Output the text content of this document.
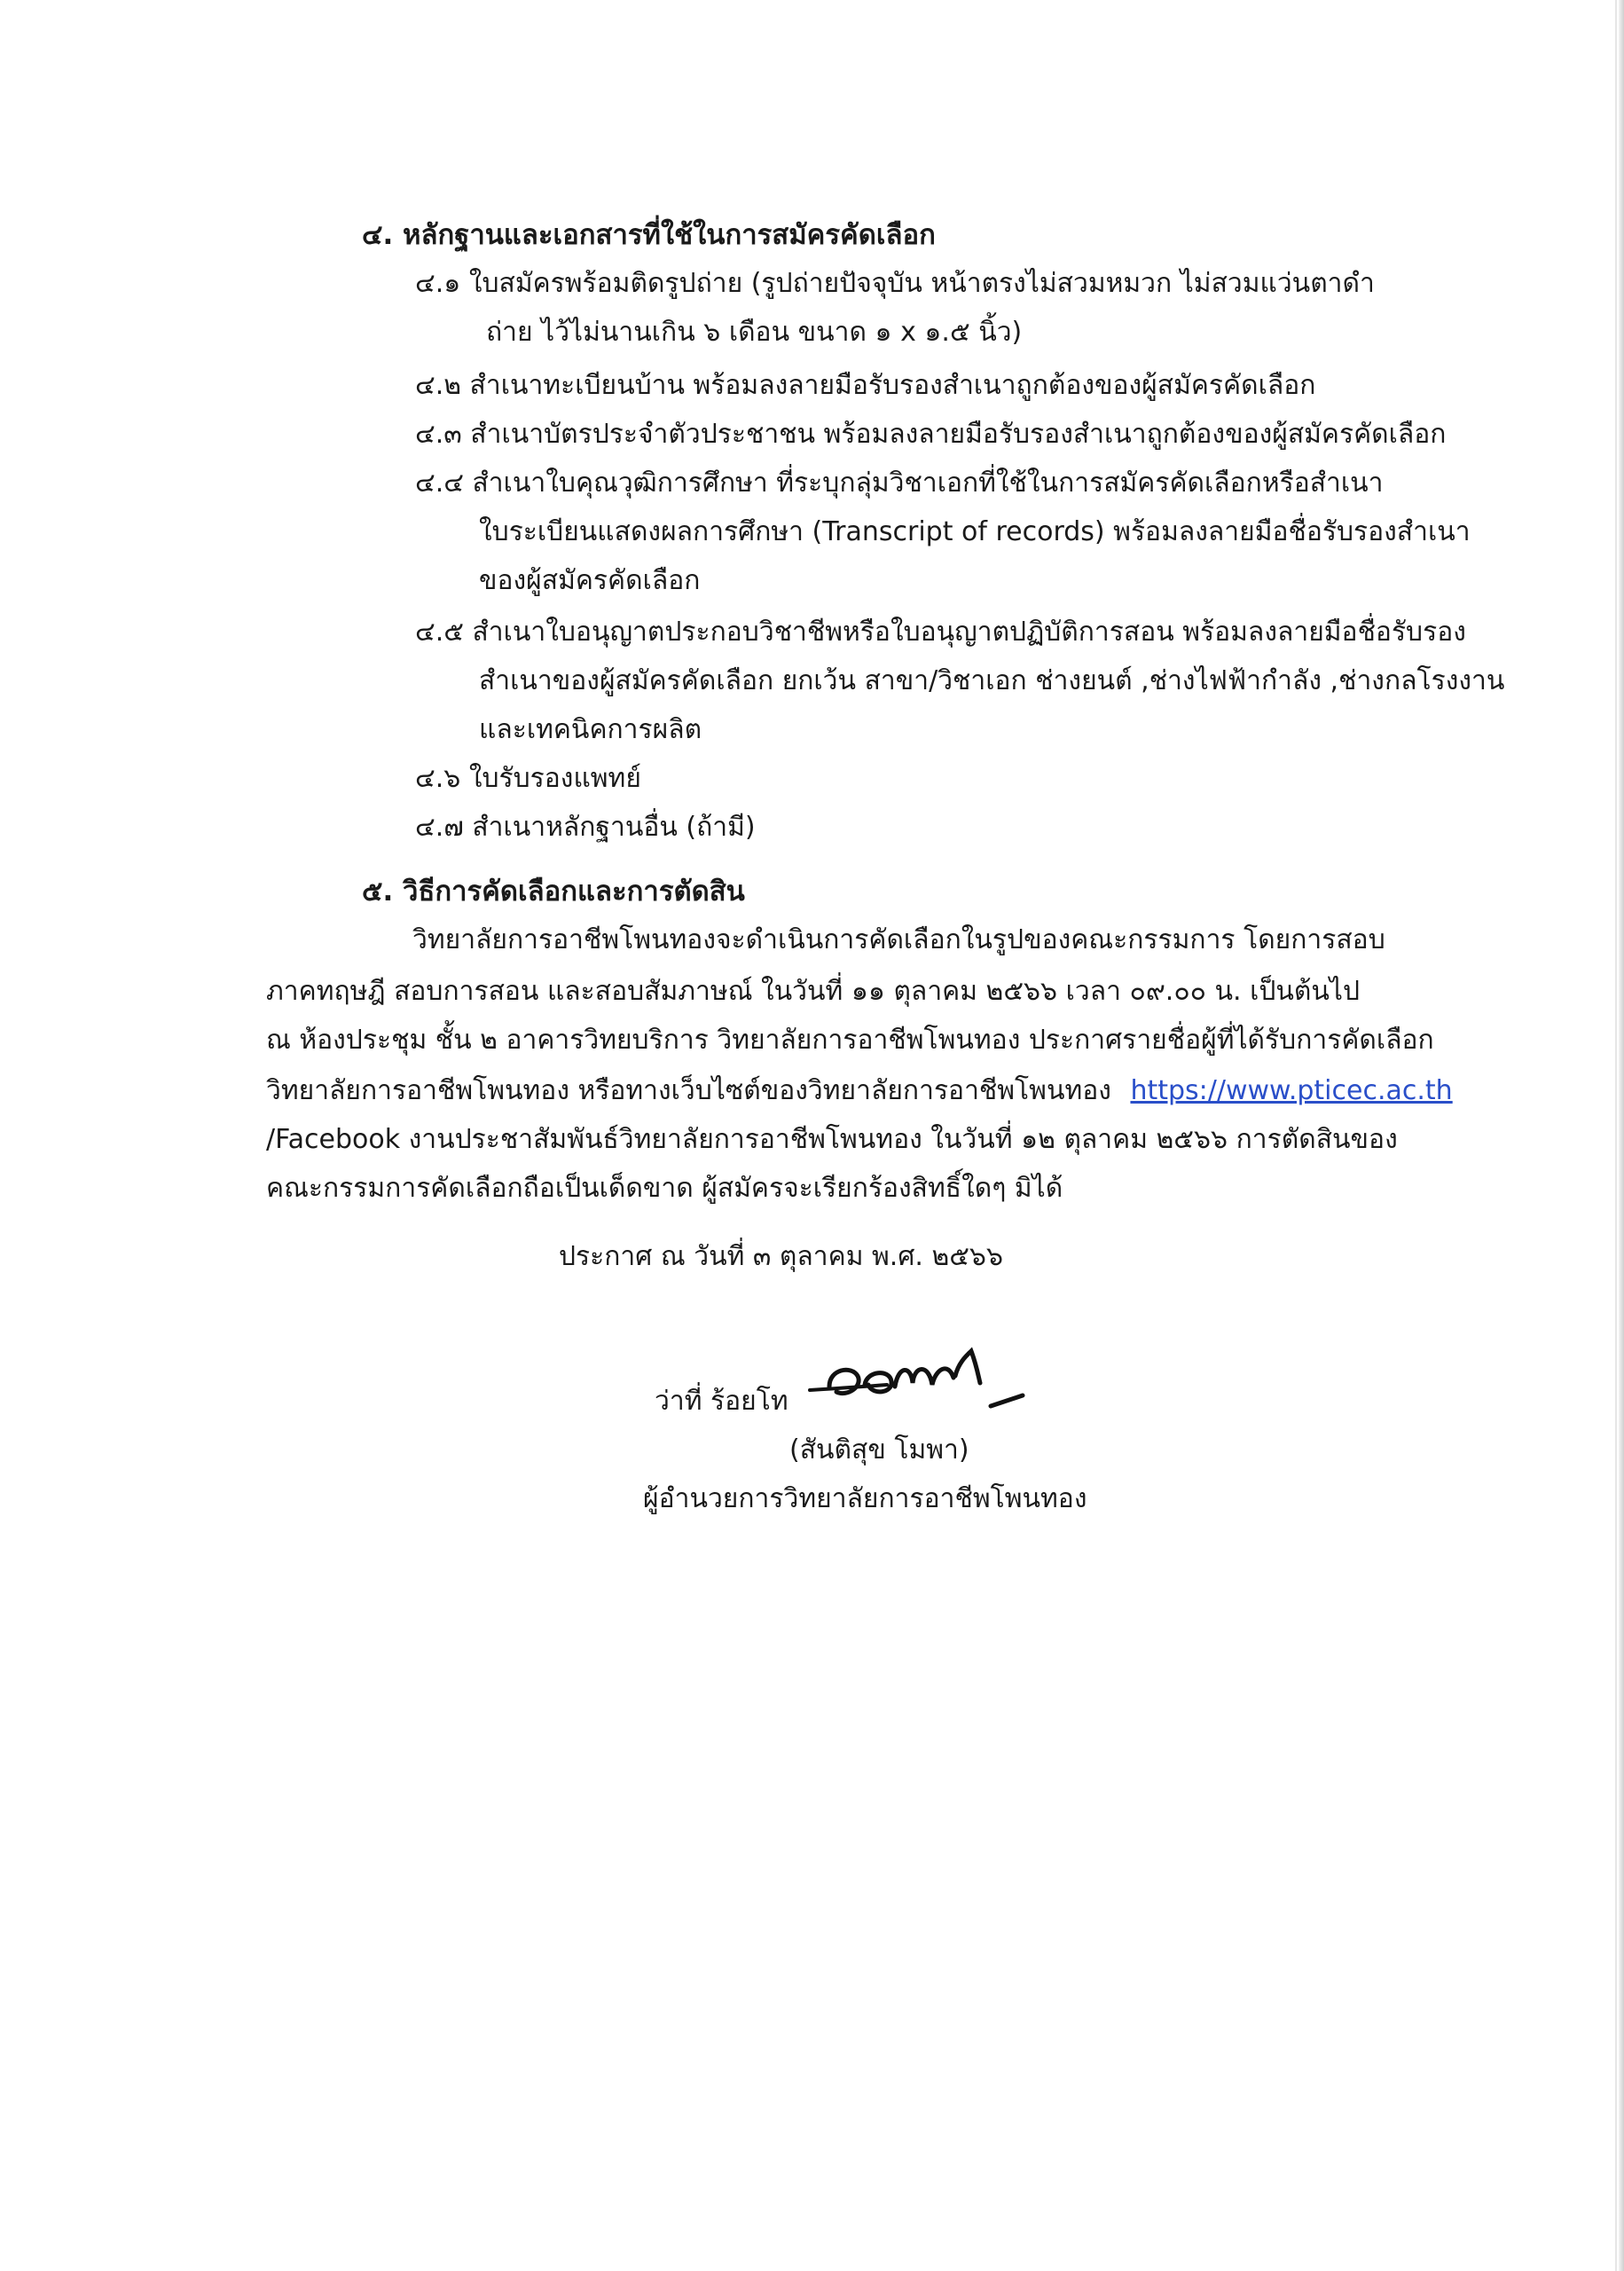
๔. หลักฐานและเอกสารที่ใช้ในการสมัครคัดเลือก
๔.๑ ใบสมัครพร้อมติดรูปถ่าย (รูปถ่ายปัจจุบัน หน้าตรงไม่สวมหมวก ไม่สวมแว่นตาดำ
ถ่าย ไว้ไม่นานเกิน ๖ เดือน ขนาด ๑ x ๑.๕ นิ้ว)
๔.๒ สำเนาทะเบียนบ้าน พร้อมลงลายมือรับรองสำเนาถูกต้องของผู้สมัครคัดเลือก
๔.๓ สำเนาบัตรประจำตัวประชาชน พร้อมลงลายมือรับรองสำเนาถูกต้องของผู้สมัครคัดเลือก
๔.๔ สำเนาใบคุณวุฒิการศึกษา ที่ระบุกลุ่มวิชาเอกที่ใช้ในการสมัครคัดเลือกหรือสำเนา
ใบระเบียนแสดงผลการศึกษา (Transcript of records) พร้อมลงลายมือชื่อรับรองสำเนา
ของผู้สมัครคัดเลือก
๔.๕ สำเนาใบอนุญาตประกอบวิชาชีพหรือใบอนุญาตปฏิบัติการสอน พร้อมลงลายมือชื่อรับรอง
สำเนาของผู้สมัครคัดเลือก ยกเว้น สาขา/วิชาเอก ช่างยนต์ ,ช่างไฟฟ้ากำลัง ,ช่างกลโรงงาน
และเทคนิคการผลิต
๔.๖ ใบรับรองแพทย์
๔.๗ สำเนาหลักฐานอื่น (ถ้ามี)
๕. วิธีการคัดเลือกและการตัดสิน
วิทยาลัยการอาชีพโพนทองจะดำเนินการคัดเลือกในรูปของคณะกรรมการ โดยการสอบ
ภาคทฤษฎี สอบการสอน และสอบสัมภาษณ์ ในวันที่ ๑๑ ตุลาคม ๒๕๖๖ เวลา ๐๙.๐๐ น. เป็นต้นไป
ณ ห้องประชุม ชั้น ๒ อาคารวิทยบริการ วิทยาลัยการอาชีพโพนทอง ประกาศรายชื่อผู้ที่ได้รับการคัดเลือก
วิทยาลัยการอาชีพโพนทอง หรือทางเว็บไซต์ของวิทยาลัยการอาชีพโพนทอง https://www.pticec.ac.th
/Facebook งานประชาสัมพันธ์วิทยาลัยการอาชีพโพนทอง ในวันที่ ๑๒ ตุลาคม ๒๕๖๖ การตัดสินของ
คณะกรรมการคัดเลือกถือเป็นเด็ดขาด ผู้สมัครจะเรียกร้องสิทธิ์ใดๆ มิได้
ประกาศ ณ วันที่ ๓ ตุลาคม พ.ศ. ๒๕๖๖
ว่าที่ ร้อยโท
(สันติสุข โมพา)
ผู้อำนวยการวิทยาลัยการอาชีพโพนทอง
